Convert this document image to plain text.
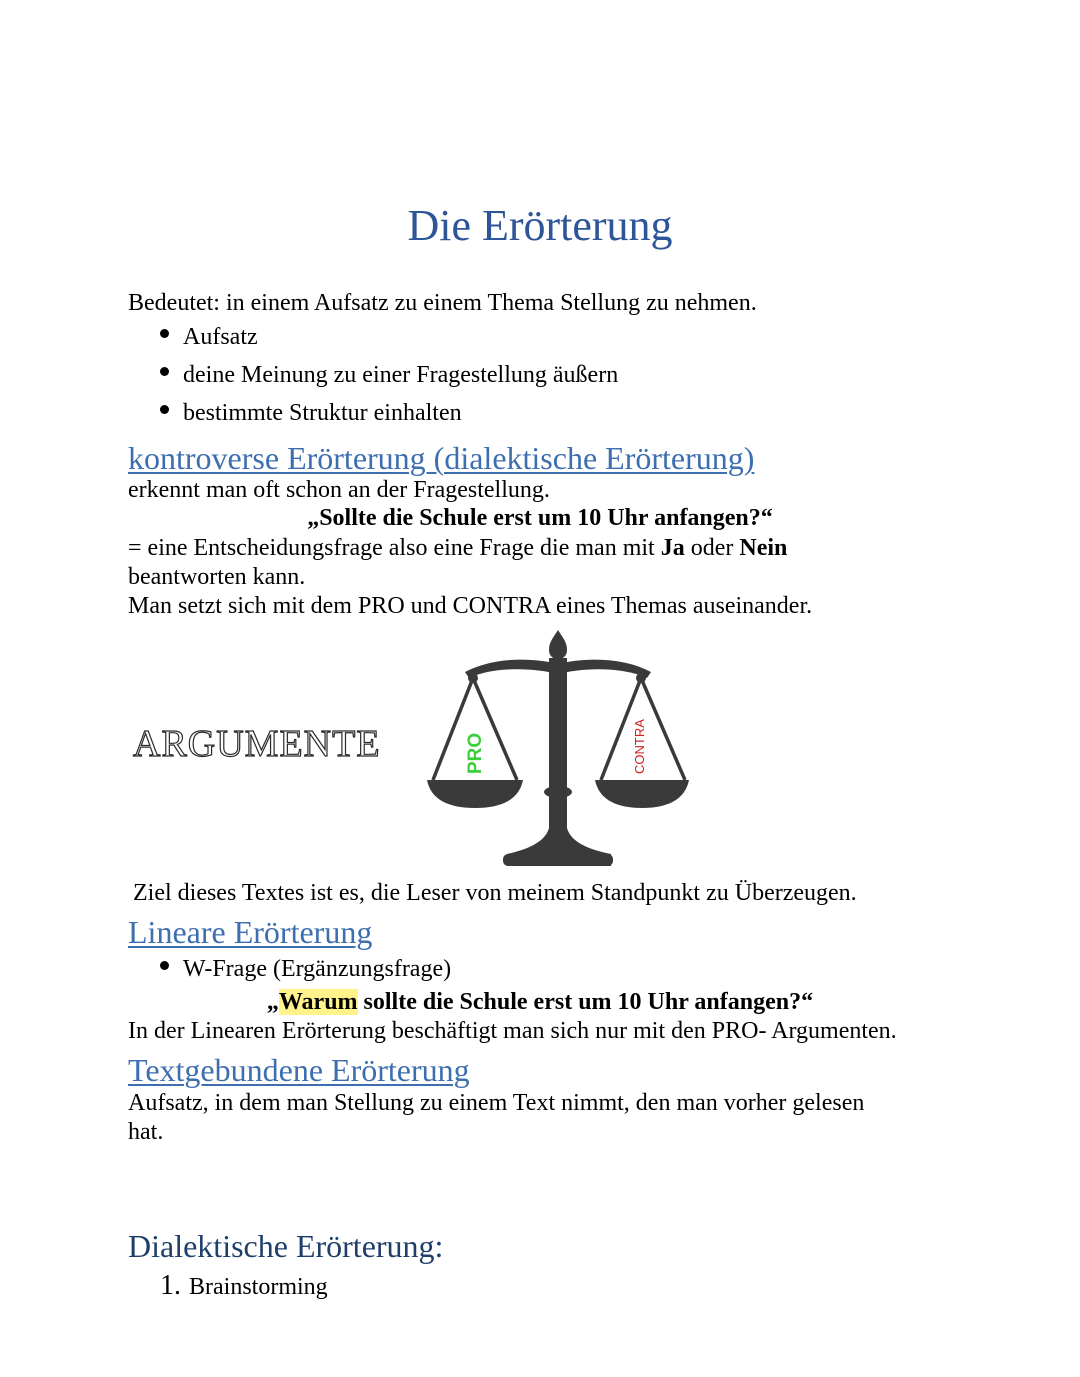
Die Erörterung
Bedeutet: in einem Aufsatz zu einem Thema Stellung zu nehmen.
Aufsatz
deine Meinung zu einer Fragestellung äußern
bestimmte Struktur einhalten
kontroverse Erörterung (dialektische Erörterung)
erkennt man oft schon an der Fragestellung.
„Sollte die Schule erst um 10 Uhr anfangen?“
= eine Entscheidungsfrage also eine Frage die man mit Ja oder Nein
beantworten kann.
Man setzt sich mit dem PRO und CONTRA eines Themas auseinander.
ARGUMENTE	PRO	CONTRA
Ziel dieses Textes ist es, die Leser von meinem Standpunkt zu Überzeugen.
Lineare Erörterung
W-Frage (Ergänzungsfrage)
„Warum sollte die Schule erst um 10 Uhr anfangen?“
In der Linearen Erörterung beschäftigt man sich nur mit den PRO- Argumenten.
Textgebundene Erörterung
Aufsatz, in dem man Stellung zu einem Text nimmt, den man vorher gelesen
hat.
Dialektische Erörterung:
1. Brainstorming
